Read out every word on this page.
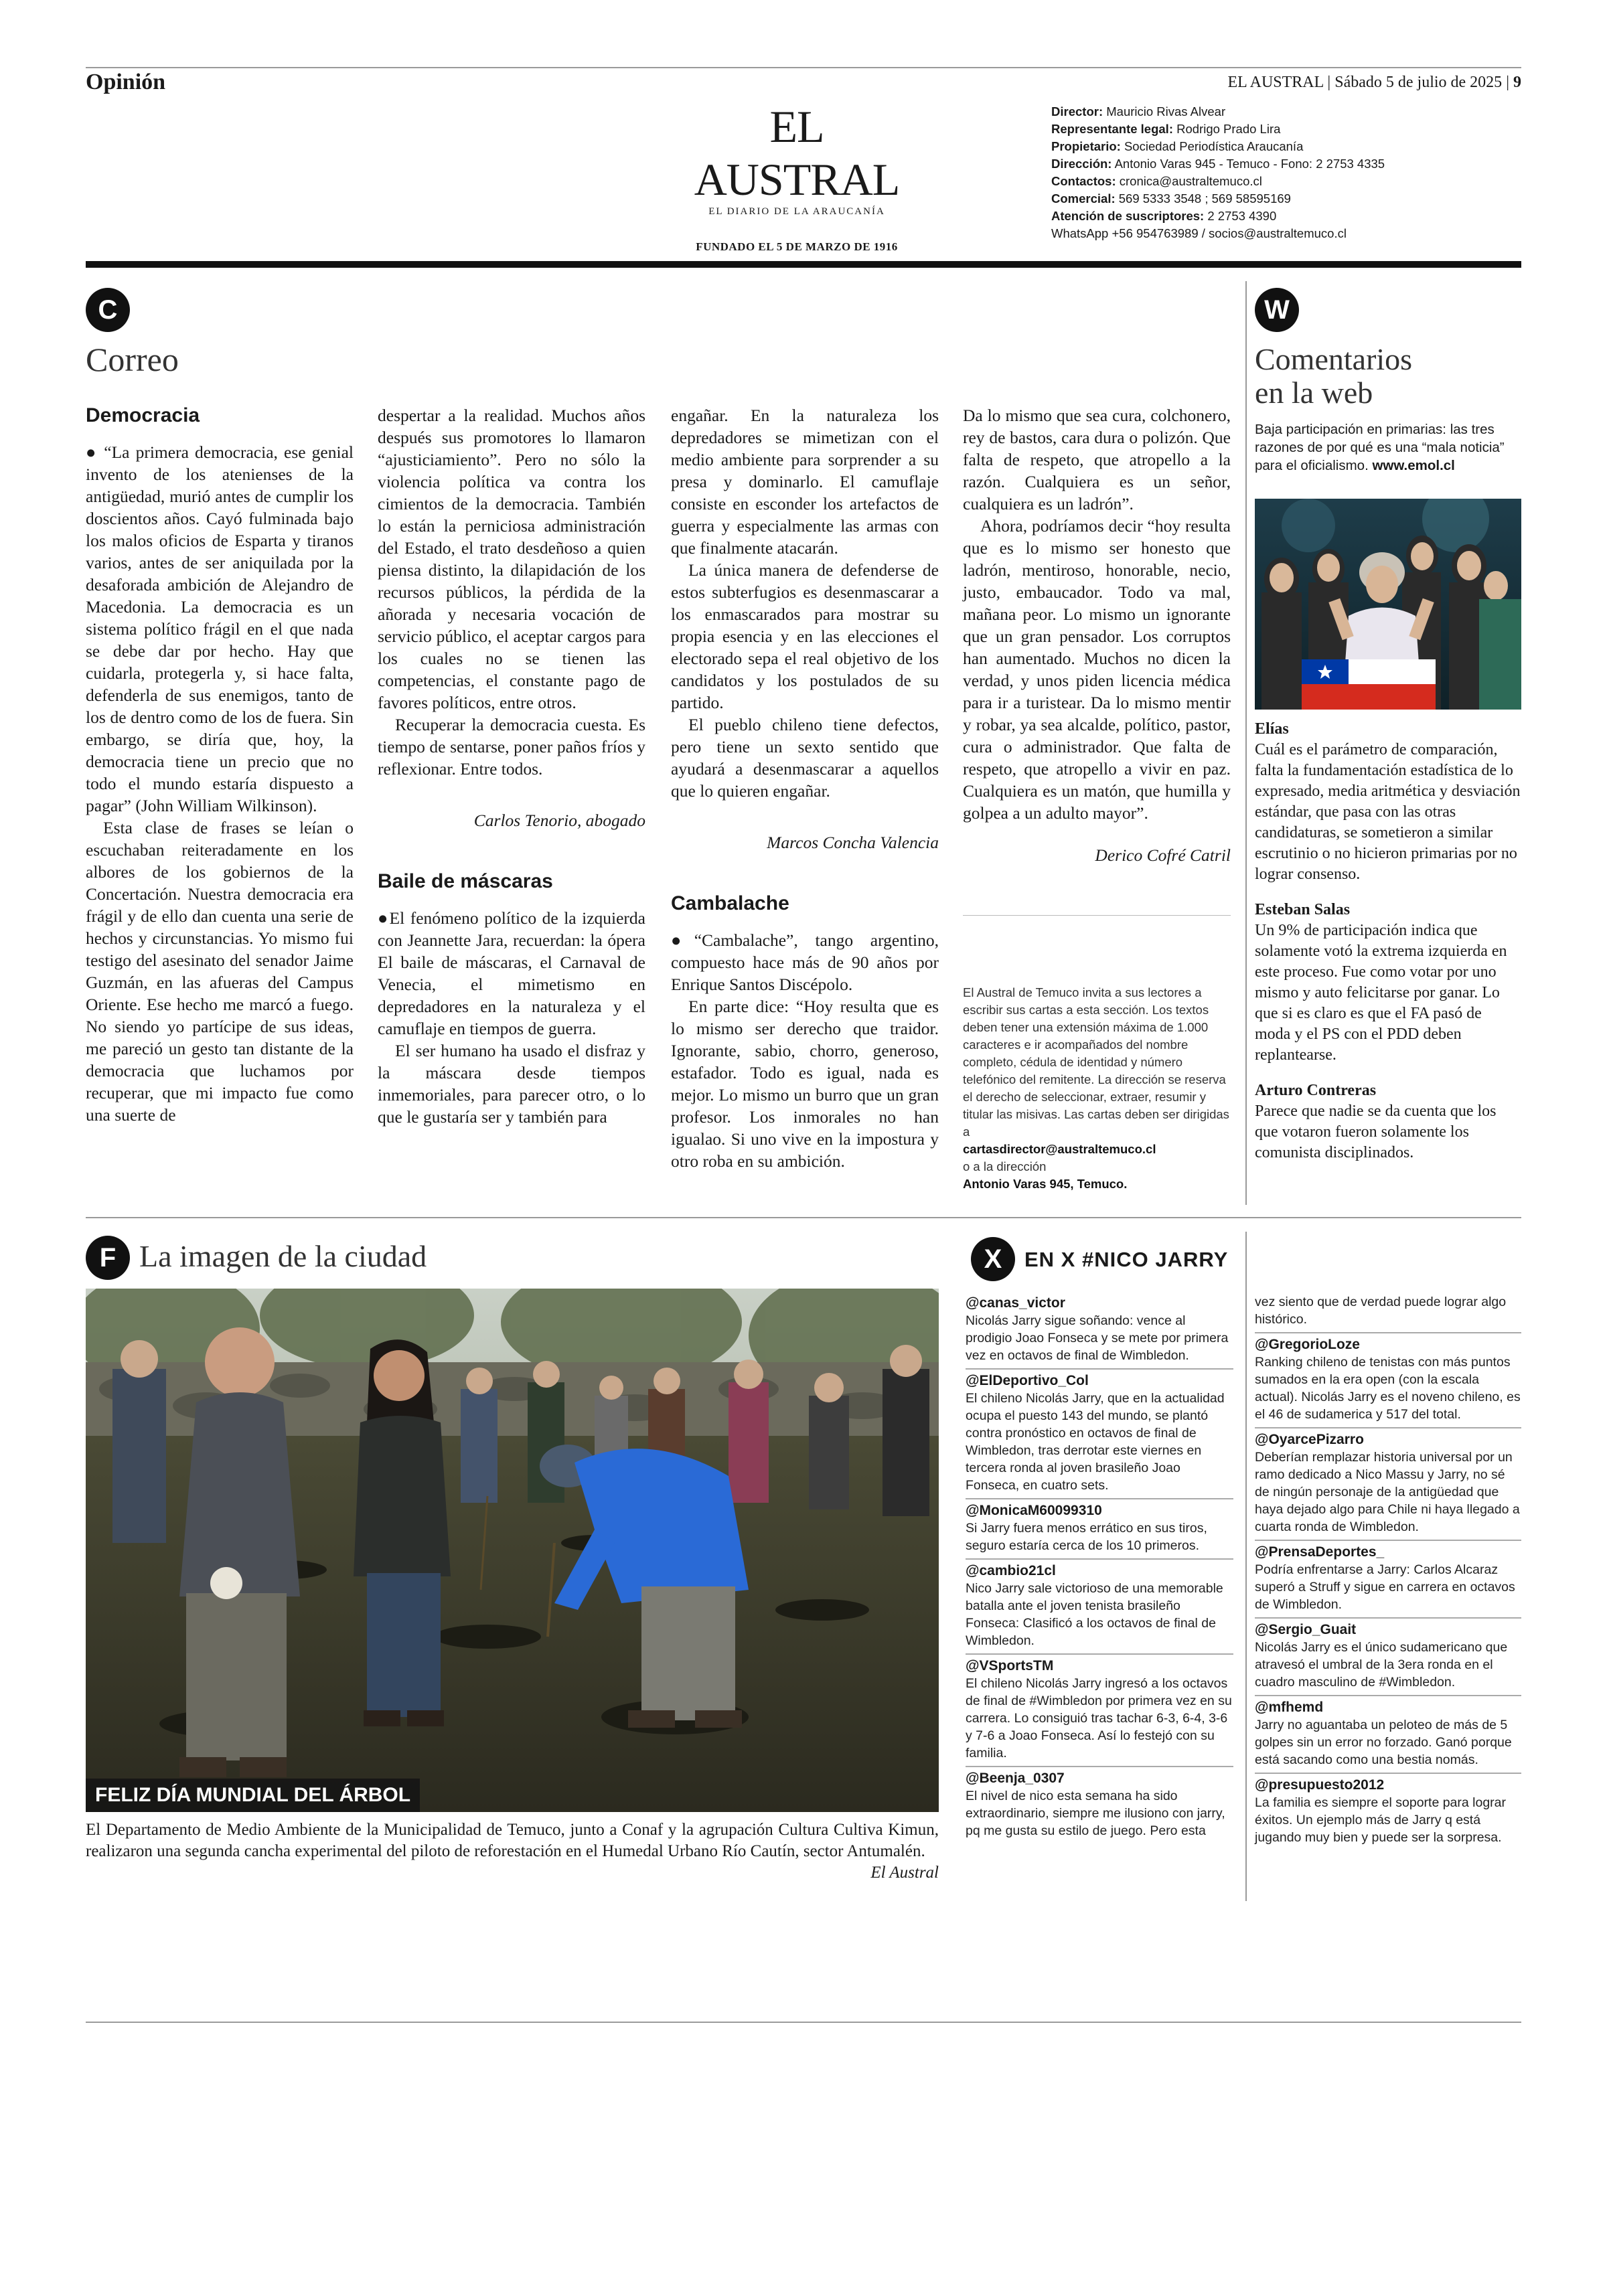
Opinión	EL AUSTRAL | Sábado 5 de julio de 2025 | 9
EL AUSTRAL
EL DIARIO DE LA ARAUCANÍA
FUNDADO EL 5 DE MARZO DE 1916
Director: Mauricio Rivas Alvear
Representante legal: Rodrigo Prado Lira
Propietario: Sociedad Periodística Araucanía
Dirección: Antonio Varas 945 - Temuco - Fono: 2 2753 4335
Contactos: cronica@australtemuco.cl
Comercial: 569 5333 3548 ; 569 58595169
Atención de suscriptores: 2 2753 4390
WhatsApp +56 954763989 / socios@australtemuco.cl
C
Correo

Democracia

● “La primera democracia, ese genial invento de los atenienses de la antigüedad, murió antes de cumplir los doscientos años. Cayó fulminada bajo los malos oficios de Esparta y tiranos varios, antes de ser aniquilada por la desaforada ambición de Alejandro de Macedonia. La democracia es un sistema político frágil en el que nada se debe dar por hecho. Hay que cuidarla, protegerla y, si hace falta, defenderla de sus enemigos, tanto de los de dentro como de los de fuera. Sin embargo, se diría que, hoy, la democracia tiene un precio que no todo el mundo estaría dispuesto a pagar” (John William Wilkinson).

Esta clase de frases se leían o escuchaban reiteradamente en los albores de los gobiernos de la Concertación. Nuestra democracia era frágil y de ello dan cuenta una serie de hechos y circunstancias. Yo mismo fui testigo del asesinato del senador Jaime Guzmán, en las afueras del Campus Oriente. Ese hecho me marcó a fuego. No siendo yo partícipe de sus ideas, me pareció un gesto tan distante de la democracia que luchamos por recuperar, que mi impacto fue como una suerte de

despertar a la realidad. Muchos años después sus promotores lo llamaron “ajusticiamiento”. Pero no sólo la violencia política va contra los cimientos de la democracia. También lo están la perniciosa administración del Estado, el trato desdeñoso a quien piensa distinto, la dilapidación de los recursos públicos, la pérdida de la añorada y necesaria vocación de servicio público, el aceptar cargos para los cuales no se tienen las competencias, el constante pago de favores políticos, entre otros.

Recuperar la democracia cuesta. Es tiempo de sentarse, poner paños fríos y reflexionar. Entre todos.

Carlos Tenorio, abogado

Baile de máscaras

●El fenómeno político de la izquierda con Jeannette Jara, recuerdan: la ópera El baile de máscaras, el Carnaval de Venecia, el mimetismo en depredadores en la naturaleza y el camuflaje en tiempos de guerra.

El ser humano ha usado el disfraz y la máscara desde tiempos inmemoriales, para parecer otro, o lo que le gustaría ser y también para

engañar. En la naturaleza los depredadores se mimetizan con el medio ambiente para sorprender a su presa y dominarlo. El camuflaje consiste en esconder los artefactos de guerra y especialmente las armas con que finalmente atacarán.

La única manera de defenderse de estos subterfugios es desenmascarar a los enmascarados para mostrar su propia esencia y en las elecciones el electorado sepa el real objetivo de los candidatos y los postulados de su partido.

El pueblo chileno tiene defectos, pero tiene un sexto sentido que ayudará a desenmascarar a aquellos que lo quieren engañar.

Marcos Concha Valencia

Cambalache

●“Cambalache”, tango argentino, compuesto hace más de 90 años por Enrique Santos Discépolo.

En parte dice: “Hoy resulta que es lo mismo ser derecho que traidor. Ignorante, sabio, chorro, generoso, estafador. Todo es igual, nada es mejor. Lo mismo un burro que un gran profesor. Los inmorales no han igualao. Si uno vive en la impostura y otro roba en su ambición.

Da lo mismo que sea cura, colchonero, rey de bastos, cara dura o polizón. Que falta de respeto, que atropello a la razón. Cualquiera es un señor, cualquiera es un ladrón”.

Ahora, podríamos decir “hoy resulta que es lo mismo ser honesto que ladrón, mentiroso, honorable, necio, justo, embaucador. Todo va mal, mañana peor. Lo mismo un ignorante que un gran pensador. Los corruptos han aumentado. Muchos no dicen la verdad, y unos piden licencia médica para ir a turistear. Da lo mismo mentir y robar, ya sea alcalde, político, pastor, cura o administrador. Que falta de respeto, que atropello a vivir en paz. Cualquiera es un matón, que humilla y golpea a un adulto mayor”.

Derico Cofré Catril

El Austral de Temuco invita a sus lectores a escribir sus cartas a esta sección. Los textos deben tener una extensión máxima de 1.000 caracteres e ir acompañados del nombre completo, cédula de identidad y número telefónico del remitente. La dirección se reserva el derecho de seleccionar, extraer, resumir y titular las misivas. Las cartas deben ser dirigidas a
cartasdirector@australtemuco.cl
o a la dirección
Antonio Varas 945, Temuco.
W
Comentarios
en la web
Baja participación en primarias: las tres razones de por qué es una “mala noticia” para el oficialismo. www.emol.cl
Elías
Cuál es el parámetro de comparación, falta la fundamentación estadística de lo expresado, media aritmética y desviación estándar, que pasa con las otras candidaturas, se sometieron a similar escrutinio o no hicieron primarias por no lograr consenso.
Esteban Salas
Un 9% de participación indica que solamente votó la extrema izquierda en este proceso. Fue como votar por uno mismo y auto felicitarse por ganar. Lo que si es claro es que el FA pasó de moda y el PS con el PDD deben replantearse.
Arturo Contreras
Parece que nadie se da cuenta que los que votaron fueron solamente los comunista disciplinados.
F La imagen de la ciudad
FELIZ DÍA MUNDIAL DEL ÁRBOL
El Departamento de Medio Ambiente de la Municipalidad de Temuco, junto a Conaf y la agrupación Cultura Cultiva Kimun, realizaron una segunda cancha experimental del piloto de reforestación en el Humedal Urbano Río Cautín, sector Antumalén.
El Austral
X	EN X #NICO JARRY
@canas_victor
Nicolás Jarry sigue soñando: vence al prodigio Joao Fonseca y se mete por primera vez en octavos de final de Wimbledon.
@ElDeportivo_Col
El chileno Nicolás Jarry, que en la actualidad ocupa el puesto 143 del mundo, se plantó contra pronóstico en octavos de final de Wimbledon, tras derrotar este viernes en tercera ronda al joven brasileño Joao Fonseca, en cuatro sets.
@MonicaM60099310
Si Jarry fuera menos errático en sus tiros, seguro estaría cerca de los 10 primeros.
@cambio21cl
Nico Jarry sale victorioso de una memorable batalla ante el joven tenista brasileño Fonseca: Clasificó a los octavos de final de Wimbledon.
@VSportsTM
El chileno Nicolás Jarry ingresó a los octavos de final de #Wimbledon por primera vez en su carrera. Lo consiguió tras tachar 6-3, 6-4, 3-6 y 7-6 a Joao Fonseca. Así lo festejó con su familia.
@Beenja_0307
El nivel de nico esta semana ha sido extraordinario, siempre me ilusiono con jarry, pq me gusta su estilo de juego. Pero esta
vez siento que de verdad puede lograr algo histórico.
@GregorioLoze
Ranking chileno de tenistas con más puntos sumados en la era open (con la escala actual). Nicolás Jarry es el noveno chileno, es el 46 de sudamerica y 517 del total.
@OyarcePizarro
Deberían remplazar historia universal por un ramo dedicado a Nico Massu y Jarry, no sé de ningún personaje de la antigüedad que haya dejado algo para Chile ni haya llegado a cuarta ronda de Wimbledon.
@PrensaDeportes_
Podría enfrentarse a Jarry: Carlos Alcaraz superó a Struff y sigue en carrera en octavos de Wimbledon.
@Sergio_Guait
Nicolás Jarry es el único sudamericano que atravesó el umbral de la 3era ronda en el cuadro masculino de #Wimbledon.
@mfhemd
Jarry no aguantaba un peloteo de más de 5 golpes sin un error no forzado. Ganó porque está sacando como una bestia nomás.
@presupuesto2012
La familia es siempre el soporte para lograr éxitos. Un ejemplo más de Jarry q está jugando muy bien y puede ser la sorpresa.
